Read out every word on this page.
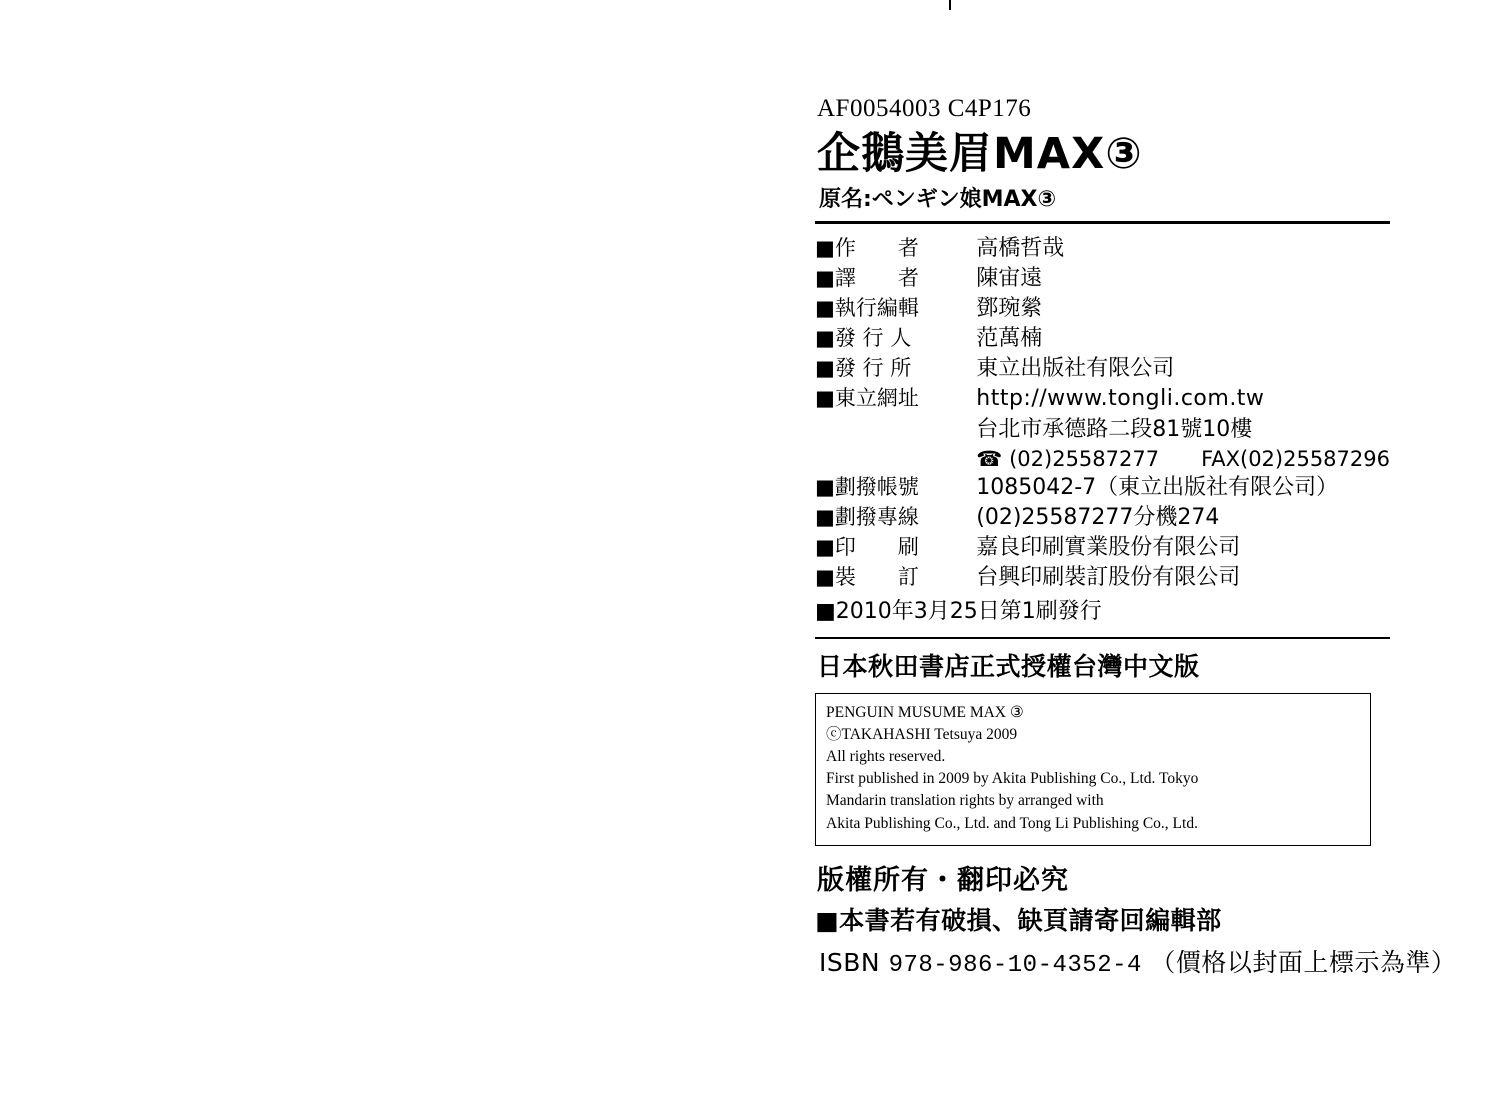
AF0054003 C4P176
企鵝美眉MAX③
原名:ペンギン娘MAX③
■作　　者	高橋哲哉
■譯　　者	陳宙遠
■執行編輯	鄧琬縈
■發 行 人	范萬楠
■發 行 所	東立出版社有限公司
■東立網址	http://www.tongli.com.tw
	台北市承德路二段81號10樓
	☎ (02)25587277　　FAX(02)25587296
■劃撥帳號	1085042-7（東立出版社有限公司）
■劃撥專線	(02)25587277分機274
■印　　刷	嘉良印刷實業股份有限公司
■裝　　訂	台興印刷裝訂股份有限公司
■2010年3月25日第1刷發行
日本秋田書店正式授權台灣中文版
PENGUIN MUSUME MAX ③
ⓒTAKAHASHI Tetsuya 2009
All rights reserved.
First published in 2009 by Akita Publishing Co., Ltd. Tokyo
Mandarin translation rights by arranged with
Akita Publishing Co., Ltd. and Tong Li Publishing Co., Ltd.
版權所有・翻印必究
■本書若有破損、缺頁請寄回編輯部
ISBN 978-986-10-4352-4 （價格以封面上標示為準）
